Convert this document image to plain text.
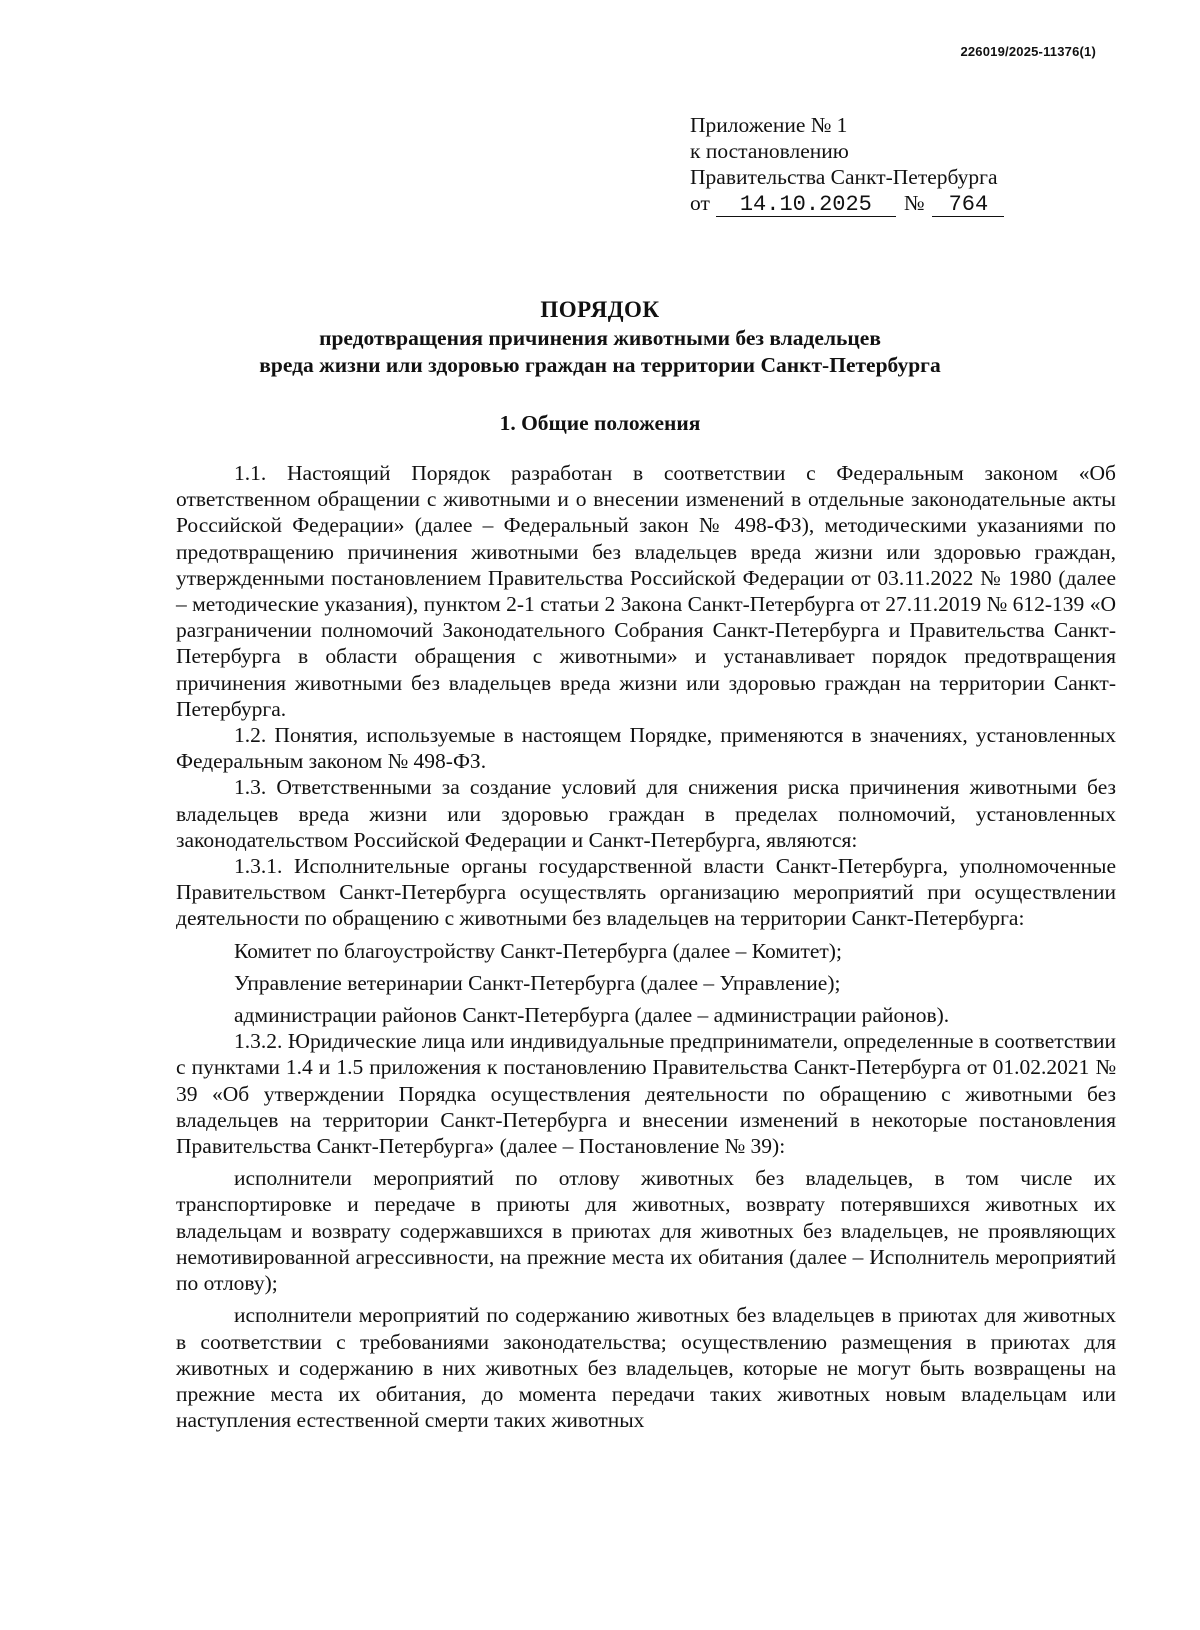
226019/2025-11376(1)
Приложение № 1
к постановлению
Правительства Санкт-Петербурга
от 14.10.2025 № 764
ПОРЯДОК
предотвращения причинения животными без владельцев
вреда жизни или здоровью граждан на территории Санкт-Петербурга
1. Общие положения

1.1. Настоящий Порядок разработан в соответствии с Федеральным законом «Об ответственном обращении с животными и о внесении изменений в отдельные законодательные акты Российской Федерации» (далее – Федеральный закон № 498-ФЗ), методическими указаниями по предотвращению причинения животными без владельцев вреда жизни или здоровью граждан, утвержденными постановлением Правительства Российской Федерации от 03.11.2022 № 1980 (далее – методические указания), пунктом 2-1 статьи 2 Закона Санкт-Петербурга от 27.11.2019 № 612-139 «О разграничении полномочий Законодательного Собрания Санкт-Петербурга и Правительства Санкт-Петербурга в области обращения с животными» и устанавливает порядок предотвращения причинения животными без владельцев вреда жизни или здоровью граждан на территории Санкт-Петербурга.

1.2. Понятия, используемые в настоящем Порядке, применяются в значениях, установленных Федеральным законом № 498-ФЗ.

1.3. Ответственными за создание условий для снижения риска причинения животными без владельцев вреда жизни или здоровью граждан в пределах полномочий, установленных законодательством Российской Федерации и Санкт-Петербурга, являются:

1.3.1. Исполнительные органы государственной власти Санкт-Петербурга, уполномоченные Правительством Санкт-Петербурга осуществлять организацию мероприятий при осуществлении деятельности по обращению с животными без владельцев на территории Санкт-Петербурга:

Комитет по благоустройству Санкт-Петербурга (далее – Комитет);

Управление ветеринарии Санкт-Петербурга (далее – Управление);

администрации районов Санкт-Петербурга (далее – администрации районов).

1.3.2. Юридические лица или индивидуальные предприниматели, определенные в соответствии с пунктами 1.4 и 1.5 приложения к постановлению Правительства Санкт-Петербурга от 01.02.2021 № 39 «Об утверждении Порядка осуществления деятельности по обращению с животными без владельцев на территории Санкт-Петербурга и внесении изменений в некоторые постановления Правительства Санкт-Петербурга» (далее – Постановление № 39):

исполнители мероприятий по отлову животных без владельцев, в том числе их транспортировке и передаче в приюты для животных, возврату потерявшихся животных их владельцам и возврату содержавшихся в приютах для животных без владельцев, не проявляющих немотивированной агрессивности, на прежние места их обитания (далее – Исполнитель мероприятий по отлову);

исполнители мероприятий по содержанию животных без владельцев в приютах для животных в соответствии с требованиями законодательства; осуществлению размещения в приютах для животных и содержанию в них животных без владельцев, которые не могут быть возвращены на прежние места их обитания, до момента передачи таких животных новым владельцам или наступления естественной смерти таких животных
